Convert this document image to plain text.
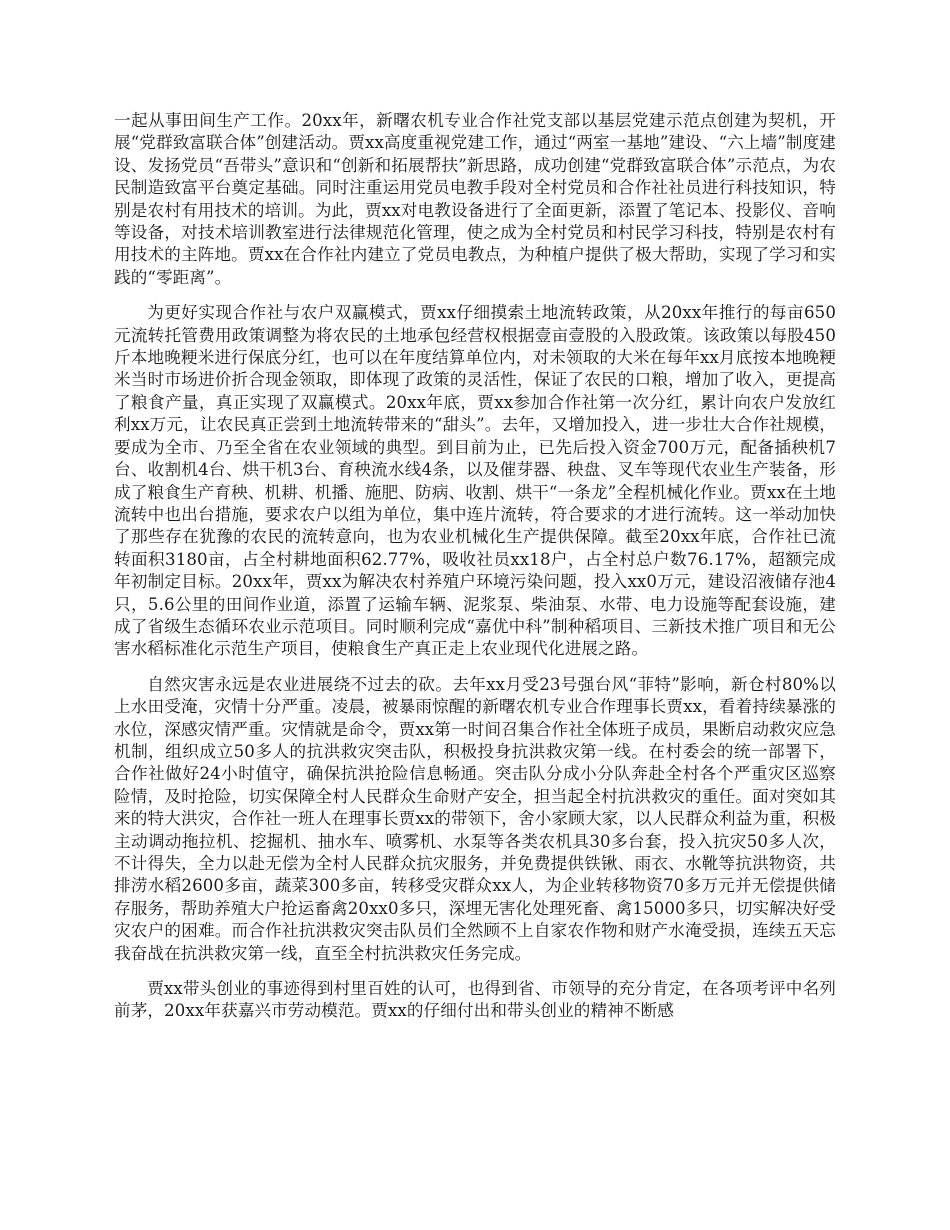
一起从事田间生产工作。20xx年，新曙农机专业合作社党支部以基层党建示范点创建为契机，开展“党群致富联合体”创建活动。贾xx高度重视党建工作，通过“两室一基地”建设、“六上墙”制度建设、发扬党员“吾带头”意识和“创新和拓展帮扶”新思路，成功创建“党群致富联合体”示范点，为农民制造致富平台奠定基础。同时注重运用党员电教手段对全村党员和合作社社员进行科技知识，特别是农村有用技术的培训。为此，贾xx对电教设备进行了全面更新，添置了笔记本、投影仪、音响等设备，对技术培训教室进行法律规范化管理，使之成为全村党员和村民学习科技，特别是农村有用技术的主阵地。贾xx在合作社内建立了党员电教点，为种植户提供了极大帮助，实现了学习和实践的“零距离”。

为更好实现合作社与农户双赢模式，贾xx仔细摸索土地流转政策，从20xx年推行的每亩650元流转托管费用政策调整为将农民的土地承包经营权根据壹亩壹股的入股政策。该政策以每股450斤本地晚粳米进行保底分红，也可以在年度结算单位内，对未领取的大米在每年xx月底按本地晚粳米当时市场进价折合现金领取，即体现了政策的灵活性，保证了农民的口粮，增加了收入，更提高了粮食产量，真正实现了双赢模式。20xx年底，贾xx参加合作社第一次分红，累计向农户发放红利xx万元，让农民真正尝到土地流转带来的“甜头”。去年，又增加投入，进一步壮大合作社规模，要成为全市、乃至全省在农业领域的典型。到目前为止，已先后投入资金700万元，配备插秧机7台、收割机4台、烘干机3台、育秧流水线4条，以及催芽器、秧盘、叉车等现代农业生产装备，形成了粮食生产育秧、机耕、机播、施肥、防病、收割、烘干“一条龙”全程机械化作业。贾xx在土地流转中也出台措施，要求农户以组为单位，集中连片流转，符合要求的才进行流转。这一举动加快了那些存在犹豫的农民的流转意向，也为农业机械化生产提供保障。截至20xx年底，合作社已流转面积3180亩，占全村耕地面积62.77%，吸收社员xx18户，占全村总户数76.17%，超额完成年初制定目标。20xx年，贾xx为解决农村养殖户环境污染问题，投入xx0万元，建设沼液储存池4只，5.6公里的田间作业道，添置了运输车辆、泥浆泵、柴油泵、水带、电力设施等配套设施，建成了省级生态循环农业示范项目。同时顺利完成“嘉优中科”制种稻项目、三新技术推广项目和无公害水稻标准化示范生产项目，使粮食生产真正走上农业现代化进展之路。

自然灾害永远是农业进展绕不过去的砍。去年xx月受23号强台风“菲特”影响，新仓村80%以上水田受淹，灾情十分严重。凌晨，被暴雨惊醒的新曙农机专业合作理事长贾xx，看着持续暴涨的水位，深感灾情严重。灾情就是命令，贾xx第一时间召集合作社全体班子成员，果断启动救灾应急机制，组织成立50多人的抗洪救灾突击队，积极投身抗洪救灾第一线。在村委会的统一部署下，合作社做好24小时值守，确保抗洪抢险信息畅通。突击队分成小分队奔赴全村各个严重灾区巡察险情，及时抢险，切实保障全村人民群众生命财产安全，担当起全村抗洪救灾的重任。面对突如其来的特大洪灾，合作社一班人在理事长贾xx的带领下，舍小家顾大家，以人民群众利益为重，积极主动调动拖拉机、挖掘机、抽水车、喷雾机、水泵等各类农机具30多台套，投入抗灾50多人次，不计得失，全力以赴无偿为全村人民群众抗灾服务，并免费提供铁锹、雨衣、水靴等抗洪物资，共排涝水稻2600多亩，蔬菜300多亩，转移受灾群众xx人，为企业转移物资70多万元并无偿提供储存服务，帮助养殖大户抢运畜禽20xx0多只，深埋无害化处理死畜、禽15000多只，切实解决好受灾农户的困难。而合作社抗洪救灾突击队员们全然顾不上自家农作物和财产水淹受损，连续五天忘我奋战在抗洪救灾第一线，直至全村抗洪救灾任务完成。

贾xx带头创业的事迹得到村里百姓的认可，也得到省、市领导的充分肯定，在各项考评中名列前茅，20xx年获嘉兴市劳动模范。贾xx的仔细付出和带头创业的精神不断感
